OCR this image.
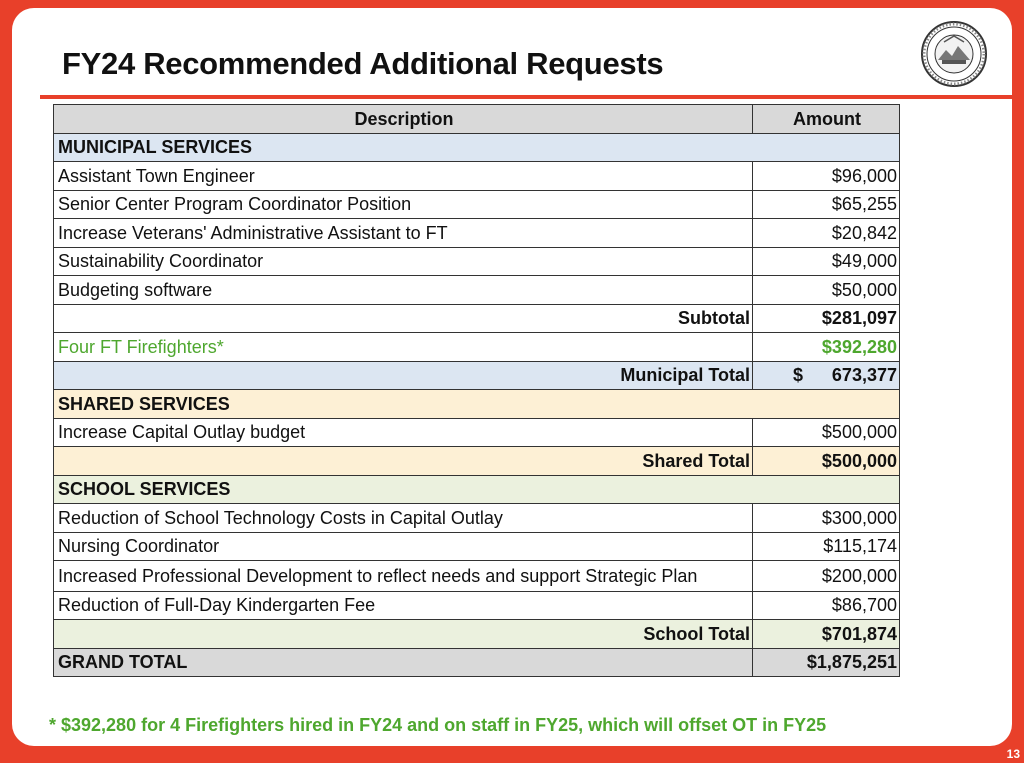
FY24 Recommended Additional Requests
Description	Amount
MUNICIPAL SERVICES	
Assistant Town Engineer	$96,000
Senior Center Program Coordinator Position	$65,255
Increase Veterans' Administrative Assistant to FT	$20,842
Sustainability Coordinator	$49,000
Budgeting software	$50,000
Subtotal	$281,097
Four FT Firefighters*	$392,280
Municipal Total	$ 673,377

SHARED SERVICES	
Increase Capital Outlay budget	$500,000
Shared Total	$500,000
SCHOOL SERVICES	
Reduction of School Technology Costs in Capital Outlay	$300,000
Nursing Coordinator	$115,174
Increased Professional Development to reflect needs and support Strategic Plan	$200,000
Reduction of Full-Day Kindergarten Fee	$86,700
School Total	$701,874
GRAND TOTAL	$1,875,251
* $392,280 for 4 Firefighters hired in FY24 and on staff in FY25, which will offset OT in FY25
13
